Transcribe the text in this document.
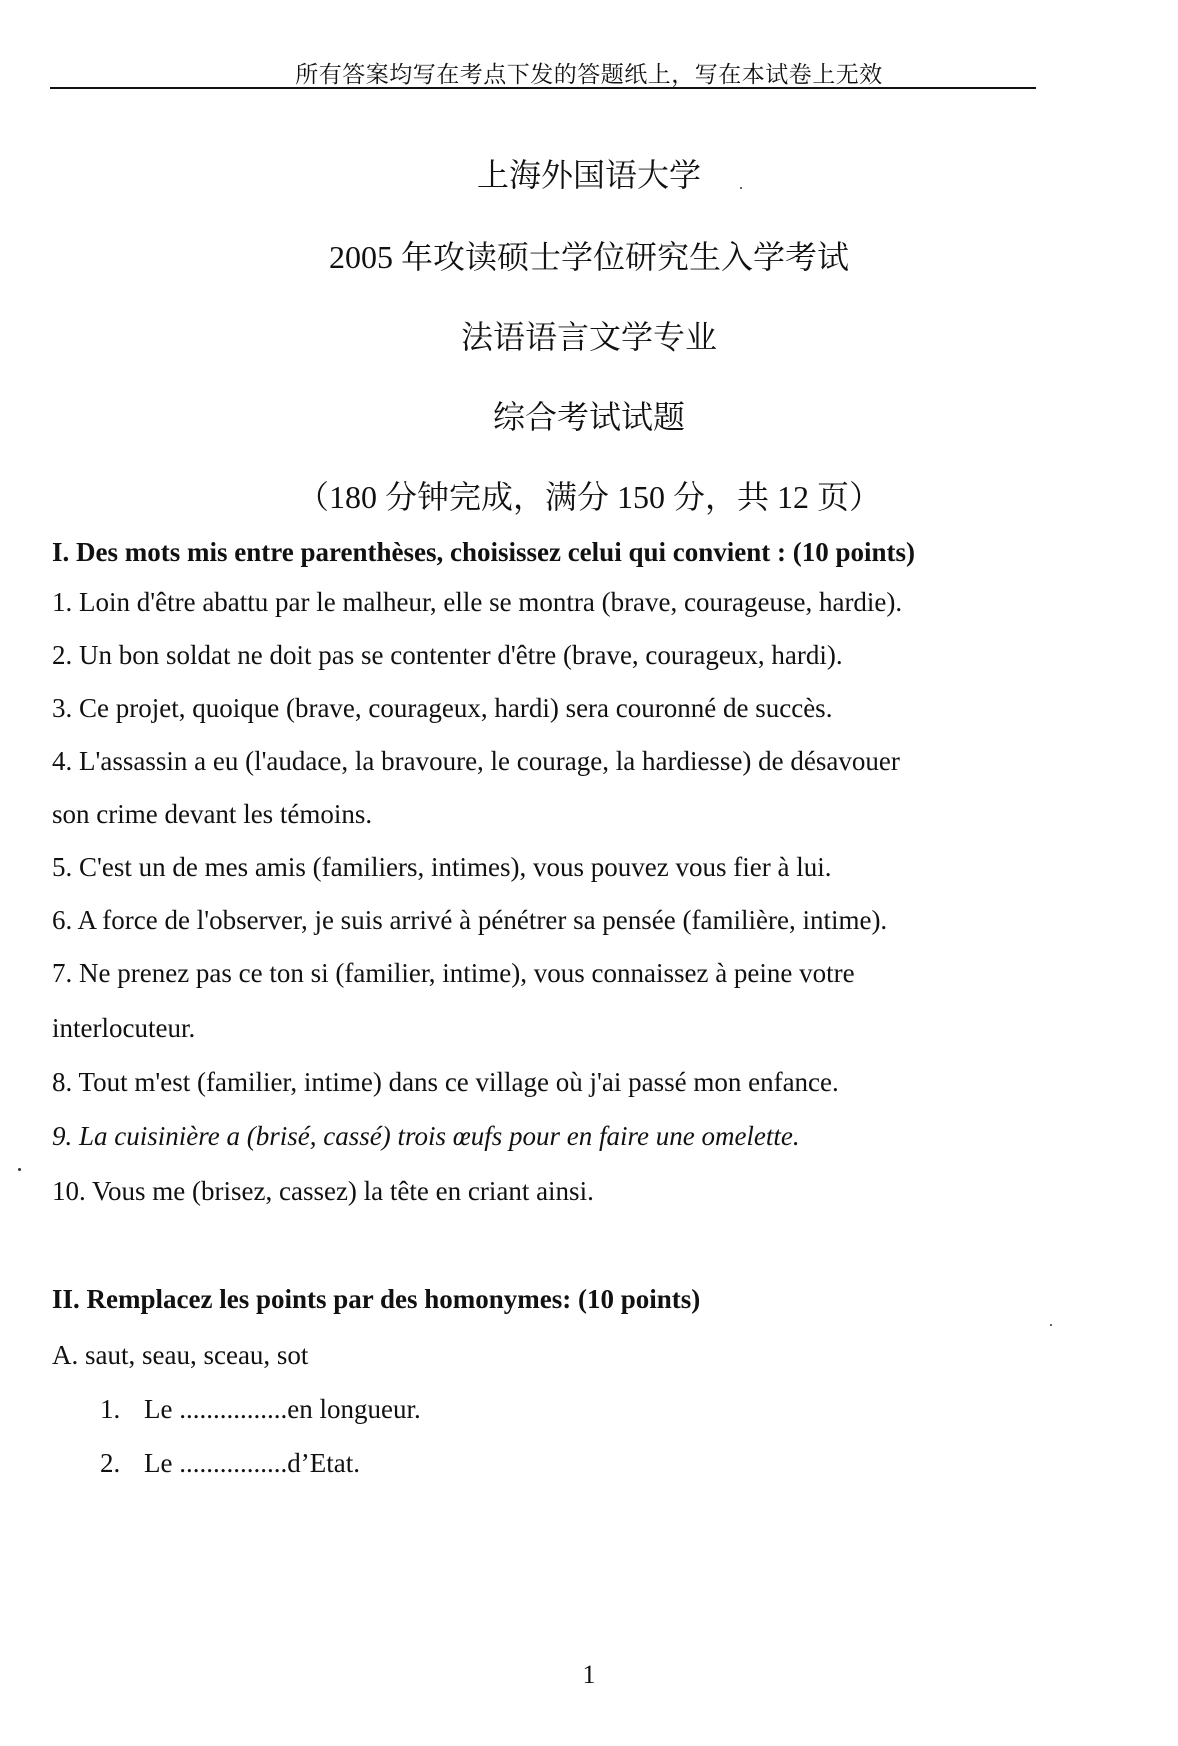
所有答案均写在考点下发的答题纸上，写在本试卷上无效
上海外国语大学
2005 年攻读硕士学位研究生入学考试
法语语言文学专业
综合考试试题
（180 分钟完成，满分 150 分，共 12 页）
I. Des mots mis entre parenthèses, choisissez celui qui convient : (10 points)
1. Loin d'être abattu par le malheur, elle se montra (brave, courageuse, hardie).
2. Un bon soldat ne doit pas se contenter d'être (brave, courageux, hardi).
3. Ce projet, quoique (brave, courageux, hardi) sera couronné de succès.
4. L'assassin a eu (l'audace, la bravoure, le courage, la hardiesse) de désavouer
son crime devant les témoins.
5. C'est un de mes amis (familiers, intimes), vous pouvez vous fier à lui.
6. A force de l'observer, je suis arrivé à pénétrer sa pensée (familière, intime).
7. Ne prenez pas ce ton si (familier, intime), vous connaissez à peine votre
interlocuteur.
8. Tout m'est (familier, intime) dans ce village où j'ai passé mon enfance.
9. La cuisinière a (brisé, cassé) trois œufs pour en faire une omelette.
10. Vous me (brisez, cassez) la tête en criant ainsi.
II. Remplacez les points par des homonymes: (10 points)
A. saut, seau, sceau, sot
1. Le ................en longueur.
2. Le ................d’Etat.
1
